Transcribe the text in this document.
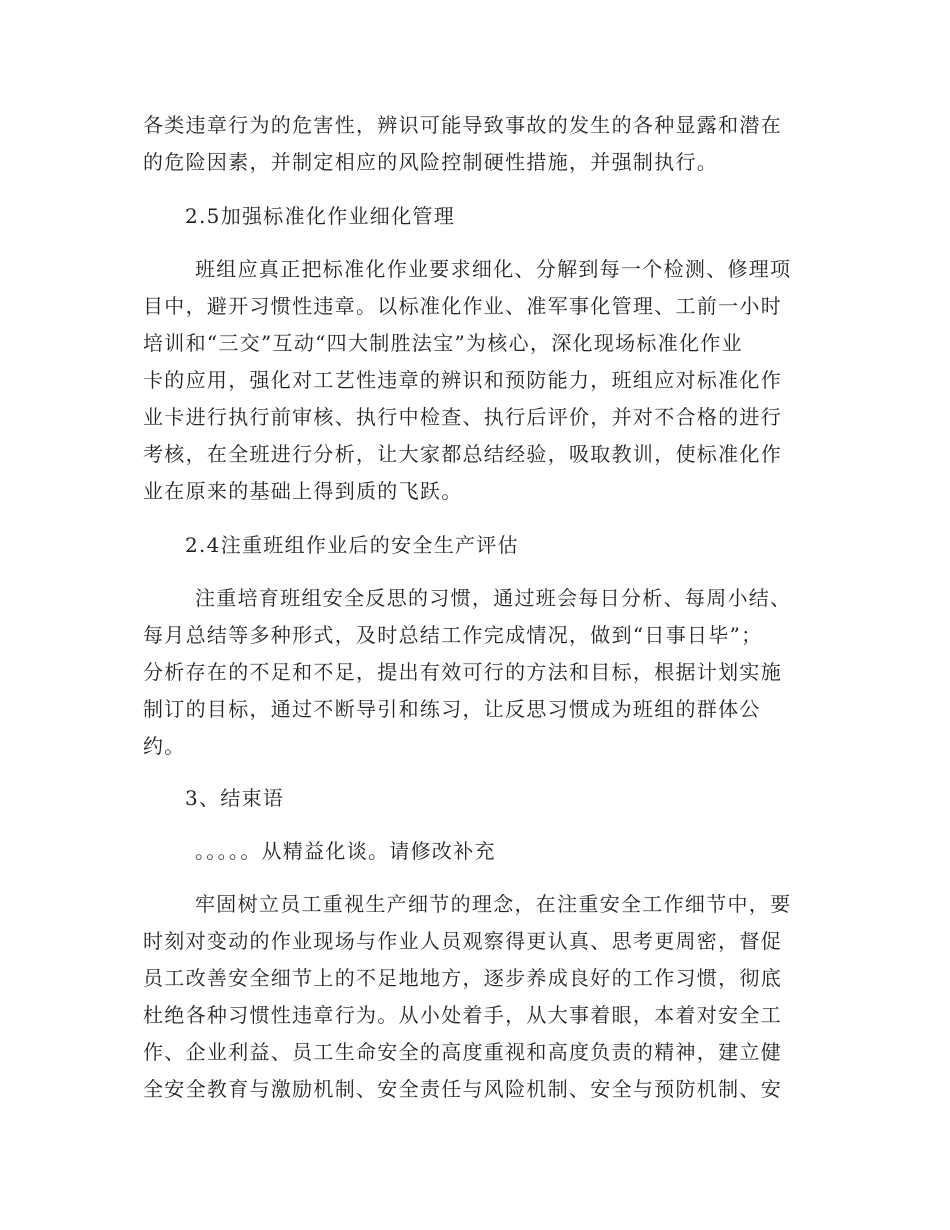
各类违章行为的危害性，辨识可能导致事故的发生的各种显露和潜在
的危险因素，并制定相应的风险控制硬性措施，并强制执行。
2.5加强标准化作业细化管理
班组应真正把标准化作业要求细化、分解到每一个检测、修理项
目中，避开习惯性违章。以标准化作业、准军事化管理、工前一小时
培训和“三交”互动“四大制胜法宝”为核心，深化现场标准化作业
卡的应用，强化对工艺性违章的辨识和预防能力，班组应对标准化作
业卡进行执行前审核、执行中检查、执行后评价，并对不合格的进行
考核，在全班进行分析，让大家都总结经验，吸取教训，使标准化作
业在原来的基础上得到质的飞跃。
2.4注重班组作业后的安全生产评估
注重培育班组安全反思的习惯，通过班会每日分析、每周小结、
每月总结等多种形式，及时总结工作完成情况，做到“日事日毕”；
分析存在的不足和不足，提出有效可行的方法和目标，根据计划实施
制订的目标，通过不断导引和练习，让反思习惯成为班组的群体公
约。
3、结束语
。。。。。从精益化谈。请修改补充
牢固树立员工重视生产细节的理念，在注重安全工作细节中，要
时刻对变动的作业现场与作业人员观察得更认真、思考更周密，督促
员工改善安全细节上的不足地地方，逐步养成良好的工作习惯，彻底
杜绝各种习惯性违章行为。从小处着手，从大事着眼，本着对安全工
作、企业利益、员工生命安全的高度重视和高度负责的精神，建立健
全安全教育与激励机制、安全责任与风险机制、安全与预防机制、安
